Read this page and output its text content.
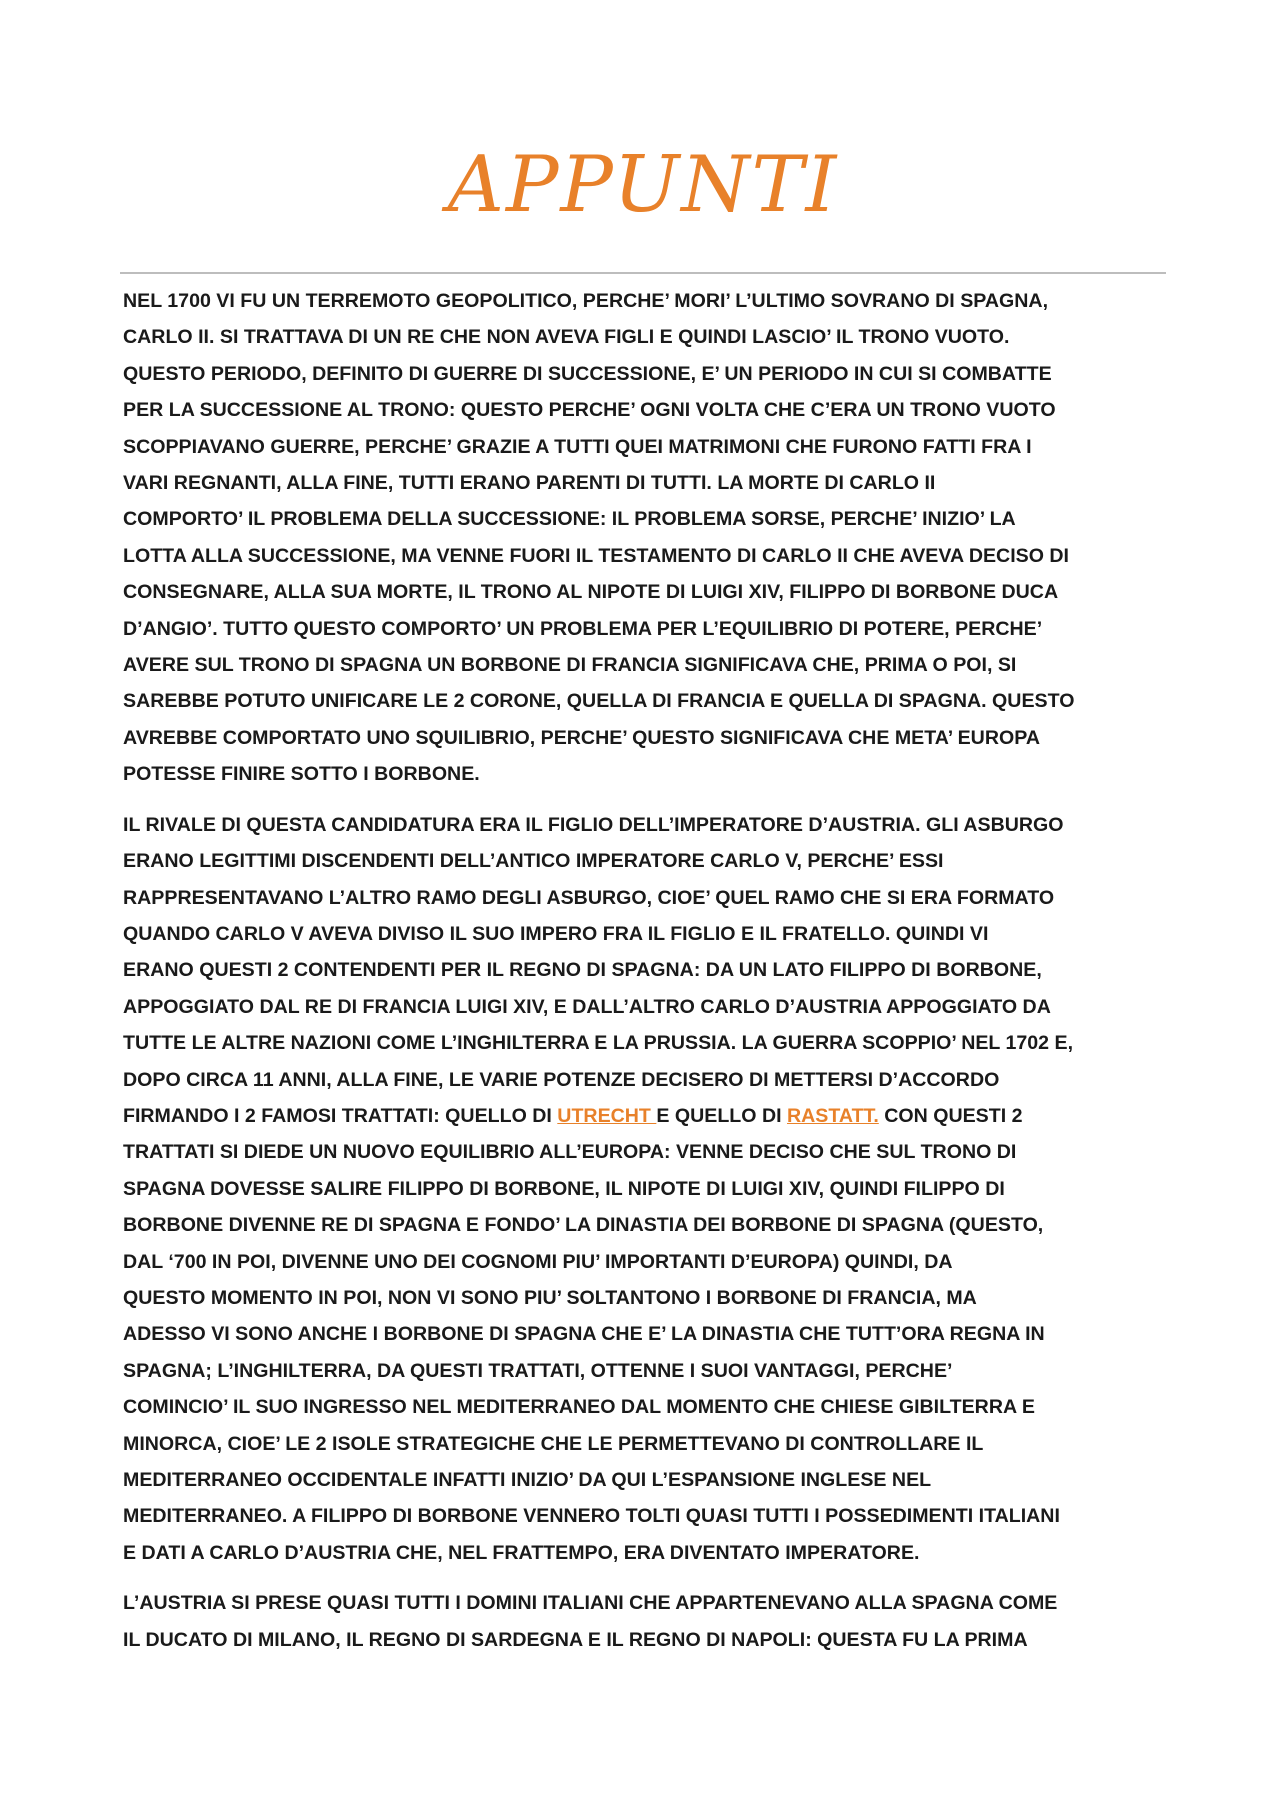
APPUNTI
NEL 1700 VI FU UN TERREMOTO GEOPOLITICO, PERCHE’ MORI’ L’ULTIMO SOVRANO DI SPAGNA,
CARLO II. SI TRATTAVA DI UN RE CHE NON AVEVA FIGLI E QUINDI LASCIO’ IL TRONO VUOTO.
QUESTO PERIODO, DEFINITO DI GUERRE DI SUCCESSIONE, E’ UN PERIODO IN CUI SI COMBATTE
PER LA SUCCESSIONE AL TRONO: QUESTO PERCHE’ OGNI VOLTA CHE C’ERA UN TRONO VUOTO
SCOPPIAVANO GUERRE, PERCHE’ GRAZIE A TUTTI QUEI MATRIMONI CHE FURONO FATTI FRA I
VARI REGNANTI, ALLA FINE, TUTTI ERANO PARENTI DI TUTTI. LA MORTE DI CARLO II
COMPORTO’ IL PROBLEMA DELLA SUCCESSIONE: IL PROBLEMA SORSE, PERCHE’ INIZIO’ LA
LOTTA ALLA SUCCESSIONE, MA VENNE FUORI IL TESTAMENTO DI CARLO II CHE AVEVA DECISO DI
CONSEGNARE, ALLA SUA MORTE, IL TRONO AL NIPOTE DI LUIGI XIV, FILIPPO DI BORBONE DUCA
D’ANGIO’. TUTTO QUESTO COMPORTO’ UN PROBLEMA PER L’EQUILIBRIO DI POTERE, PERCHE’
AVERE SUL TRONO DI SPAGNA UN BORBONE DI FRANCIA SIGNIFICAVA CHE, PRIMA O POI, SI
SAREBBE POTUTO UNIFICARE LE 2 CORONE, QUELLA DI FRANCIA E QUELLA DI SPAGNA. QUESTO
AVREBBE COMPORTATO UNO SQUILIBRIO, PERCHE’ QUESTO SIGNIFICAVA CHE META’ EUROPA
POTESSE FINIRE SOTTO I BORBONE.
IL RIVALE DI QUESTA CANDIDATURA ERA IL FIGLIO DELL’IMPERATORE D’AUSTRIA. GLI ASBURGO
ERANO LEGITTIMI DISCENDENTI DELL’ANTICO IMPERATORE CARLO V, PERCHE’ ESSI
RAPPRESENTAVANO L’ALTRO RAMO DEGLI ASBURGO, CIOE’ QUEL RAMO CHE SI ERA FORMATO
QUANDO CARLO V AVEVA DIVISO IL SUO IMPERO FRA IL FIGLIO E IL FRATELLO. QUINDI VI
ERANO QUESTI 2 CONTENDENTI PER IL REGNO DI SPAGNA: DA UN LATO FILIPPO DI BORBONE,
APPOGGIATO DAL RE DI FRANCIA LUIGI XIV, E DALL’ALTRO CARLO D’AUSTRIA APPOGGIATO DA
TUTTE LE ALTRE NAZIONI COME L’INGHILTERRA E LA PRUSSIA. LA GUERRA SCOPPIO’ NEL 1702 E,
DOPO CIRCA 11 ANNI, ALLA FINE, LE VARIE POTENZE DECISERO DI METTERSI D’ACCORDO
FIRMANDO I 2 FAMOSI TRATTATI: QUELLO DI UTRECHT E QUELLO DI RASTATT. CON QUESTI 2
TRATTATI SI DIEDE UN NUOVO EQUILIBRIO ALL’EUROPA: VENNE DECISO CHE SUL TRONO DI
SPAGNA DOVESSE SALIRE FILIPPO DI BORBONE, IL NIPOTE DI LUIGI XIV, QUINDI FILIPPO DI
BORBONE DIVENNE RE DI SPAGNA E FONDO’ LA DINASTIA DEI BORBONE DI SPAGNA (QUESTO,
DAL ‘700 IN POI, DIVENNE UNO DEI COGNOMI PIU’ IMPORTANTI D’EUROPA) QUINDI, DA
QUESTO MOMENTO IN POI, NON VI SONO PIU’ SOLTANTONO I BORBONE DI FRANCIA, MA
ADESSO VI SONO ANCHE I BORBONE DI SPAGNA CHE E’ LA DINASTIA CHE TUTT’ORA REGNA IN
SPAGNA; L’INGHILTERRA, DA QUESTI TRATTATI, OTTENNE I SUOI VANTAGGI, PERCHE’
COMINCIO’ IL SUO INGRESSO NEL MEDITERRANEO DAL MOMENTO CHE CHIESE GIBILTERRA E
MINORCA, CIOE’ LE 2 ISOLE STRATEGICHE CHE LE PERMETTEVANO DI CONTROLLARE IL
MEDITERRANEO OCCIDENTALE INFATTI INIZIO’ DA QUI L’ESPANSIONE INGLESE NEL
MEDITERRANEO. A FILIPPO DI BORBONE VENNERO TOLTI QUASI TUTTI I POSSEDIMENTI ITALIANI
E DATI A CARLO D’AUSTRIA CHE, NEL FRATTEMPO, ERA DIVENTATO IMPERATORE.
L’AUSTRIA SI PRESE QUASI TUTTI I DOMINI ITALIANI CHE APPARTENEVANO ALLA SPAGNA COME
IL DUCATO DI MILANO, IL REGNO DI SARDEGNA E IL REGNO DI NAPOLI: QUESTA FU LA PRIMA
